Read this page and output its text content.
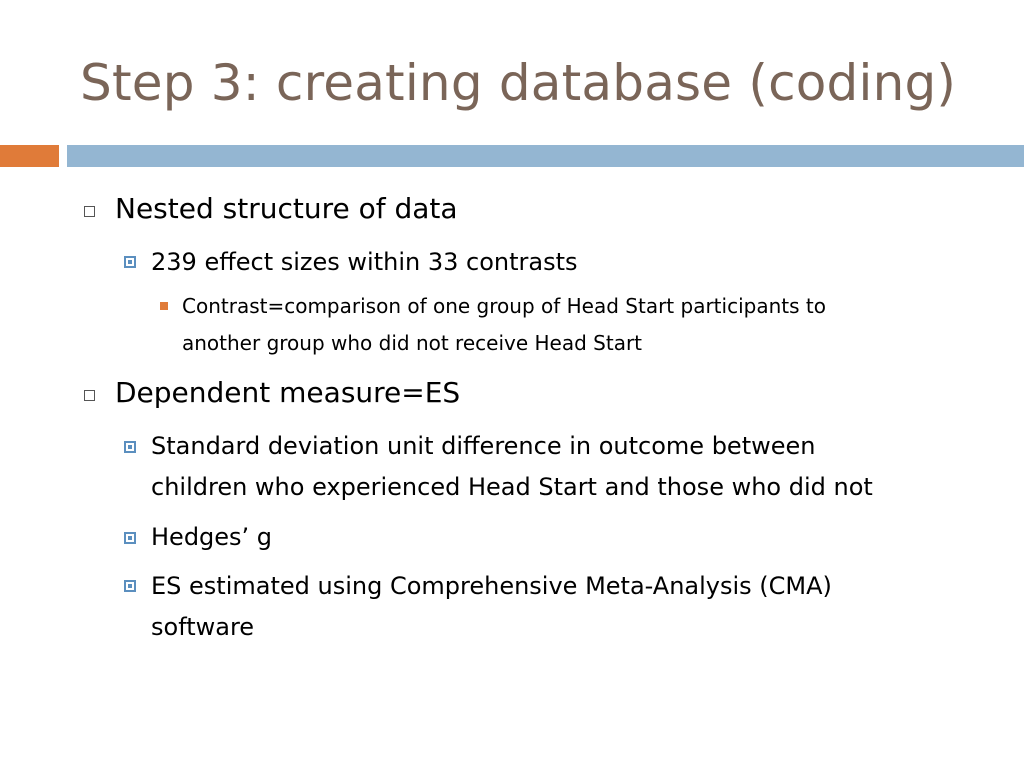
Step 3: creating database (coding)
Nested structure of data
239 effect sizes within 33 contrasts
Contrast=comparison of one group of Head Start participants to
another group who did not receive Head Start
Dependent measure=ES
Standard deviation unit difference in outcome between
children who experienced Head Start and those who did not
Hedges’ g
ES estimated using Comprehensive Meta-Analysis (CMA)
software
